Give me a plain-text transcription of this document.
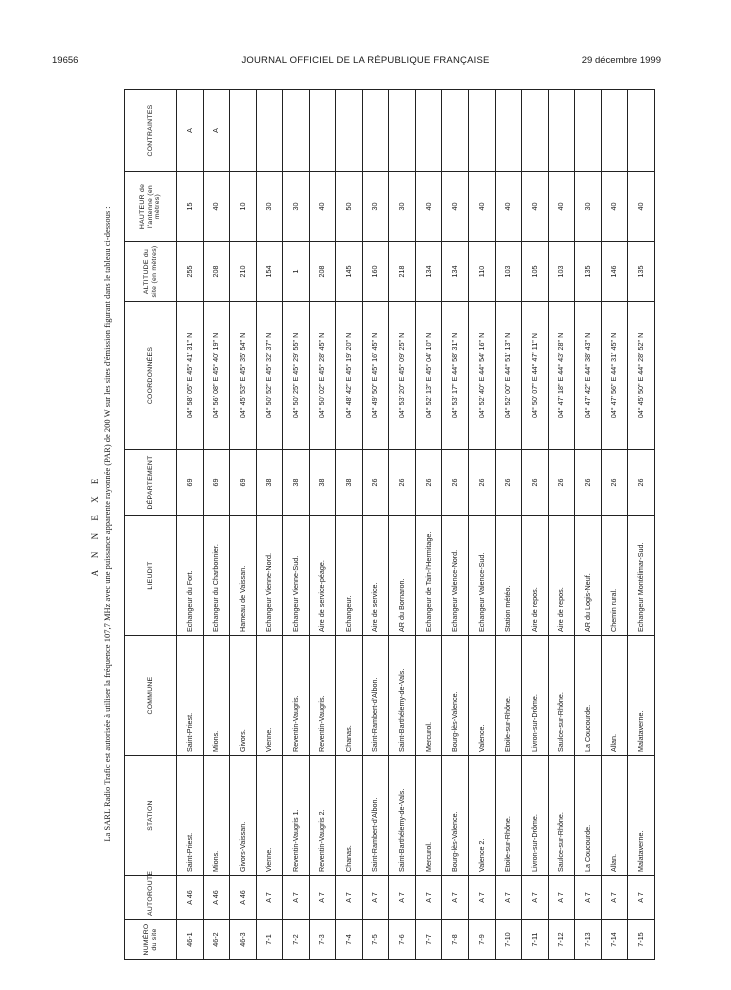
19656	JOURNAL OFFICIEL DE LA RÉPUBLIQUE FRANÇAISE	29 décembre 1999
A N N E X E La SARL Radio Trafic est autorisée à utiliser la fréquence 107,7 MHz avec une puissance apparente rayonnée (PAR) de 200 W sur les sites d'émission figurant dans le tableau ci-dessous :
NUMÉRO du site	AUTOROUTE	STATION	COMMUNE	LIEUDIT	DÉPARTEMENT	COORDONNÉES	ALTITUDE du site (en mètres)	HAUTEUR de l'antenne (en mètres)	CONTRAINTES
46-1	A 46	Saint-Priest.	Saint-Priest.	Echangeur du Fort.	69	04° 58' 05" E 45° 41' 31" N	255	15	A
46-2	A 46	Mions.	Mions.	Echangeur du Charbonnier.	69	04° 56' 08" E 45° 40' 19" N	208	40	A
46-3	A 46	Givors-Vaissan.	Givors.	Hameau de Vaissan.	69	04° 45' 53" E 45° 35' 54" N	210	10	
7-1	A 7	Vienne.	Vienne.	Echangeur Vienne-Nord.	38	04° 50' 52" E 45° 32' 37" N	154	30	
7-2	A 7	Reventin-Vaugris 1.	Reventin-Vaugris.	Echangeur Vienne-Sud.	38	04° 50' 25" E 45° 29' 55" N	1	30	
7-3	A 7	Reventin-Vaugris 2.	Reventin-Vaugris.	Aire de service-péage.	38	04° 50' 02" E 45° 28' 45" N	208	40	
7-4	A 7	Chanas.	Chanas.	Echangeur.	38	04° 48' 42" E 45° 19' 20" N	145	50	
7-5	A 7	Saint-Rambert-d'Albon.	Saint-Rambert-d'Albon.	Aire de service.	26	04° 49' 50" E 45° 16' 45" N	160	30	
7-6	A 7	Saint-Barthélemy-de-Vals.	Saint-Barthélemy-de-Vals.	AR du Bornaron.	26	04° 53' 20" E 45° 09' 25" N	218	30	
7-7	A 7	Mercurol.	Mercurol.	Echangeur de Tain-l'Hermitage.	26	04° 52' 13" E 45° 04' 10" N	134	40	
7-8	A 7	Bourg-lès-Valence.	Bourg-lès-Valence.	Echangeur Valence-Nord.	26	04° 53' 17" E 44° 58' 31" N	134	40	
7-9	A 7	Valence 2.	Valence.	Echangeur Valence-Sud.	26	04° 52' 40" E 44° 54' 16" N	110	40	
7-10	A 7	Etoile-sur-Rhône.	Etoile-sur-Rhône.	Station météo.	26	04° 52' 00" E 44° 51' 13" N	103	40	
7-11	A 7	Livron-sur-Drôme.	Livron-sur-Drôme.	Aire de repos.	26	04° 50' 07" E 44° 47' 11" N	105	40	
7-12	A 7	Saulce-sur-Rhône.	Saulce-sur-Rhône.	Aire de repos.	26	04° 47' 18" E 44° 43' 28" N	103	40	
7-13	A 7	La Coucourde.	La Coucourde.	AR du Logis-Neuf.	26	04° 47' 42" E 44° 38' 43" N	135	30	
7-14	A 7	Allan.	Allan.	Chemin rural.	26	04° 47' 56" E 44° 31' 45" N	146	40	
7-15	A 7	Malataverne.	Malataverne.	Echangeur Montélimar-Sud.	26	04° 45' 50" E 44° 28' 52" N	135	40	
